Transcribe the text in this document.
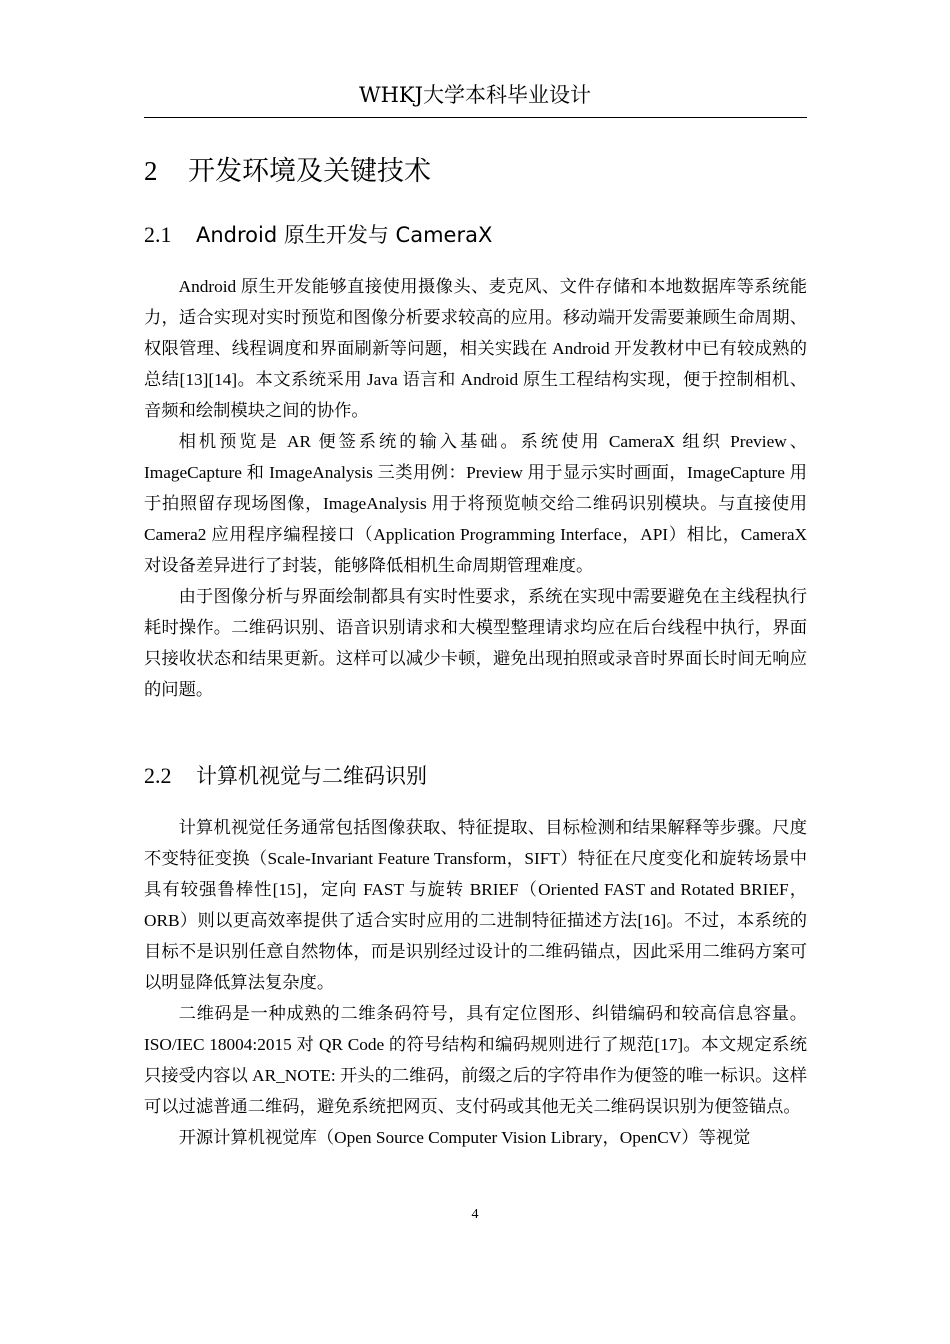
WHKJ大学本科毕业设计
2 开发环境及关键技术
2.1 Android 原生开发与 CameraX

Android 原生开发能够直接使用摄像头、麦克风、文件存储和本地数据库等系统能力，适合实现对实时预览和图像分析要求较高的应用。移动端开发需要兼顾生命周期、权限管理、线程调度和界面刷新等问题，相关实践在 Android 开发教材中已有较成熟的总结[13][14]。本文系统采用 Java 语言和 Android 原生工程结构实现，便于控制相机、音频和绘制模块之间的协作。

相机预览是 AR 便签系统的输入基础。系统使用 CameraX 组织 Preview、ImageCapture 和 ImageAnalysis 三类用例：Preview 用于显示实时画面，ImageCapture 用于拍照留存现场图像，ImageAnalysis 用于将预览帧交给二维码识别模块。与直接使用 Camera2 应用程序编程接口（Application Programming Interface，API）相比，CameraX 对设备差异进行了封装，能够降低相机生命周期管理难度。

由于图像分析与界面绘制都具有实时性要求，系统在实现中需要避免在主线程执行耗时操作。二维码识别、语音识别请求和大模型整理请求均应在后台线程中执行，界面只接收状态和结果更新。这样可以减少卡顿，避免出现拍照或录音时界面长时间无响应的问题。

2.2 计算机视觉与二维码识别

计算机视觉任务通常包括图像获取、特征提取、目标检测和结果解释等步骤。尺度不变特征变换（Scale-Invariant Feature Transform，SIFT）特征在尺度变化和旋转场景中具有较强鲁棒性[15]，定向 FAST 与旋转 BRIEF（Oriented FAST and Rotated BRIEF，ORB）则以更高效率提供了适合实时应用的二进制特征描述方法[16]。不过，本系统的目标不是识别任意自然物体，而是识别经过设计的二维码锚点，因此采用二维码方案可以明显降低算法复杂度。

二维码是一种成熟的二维条码符号，具有定位图形、纠错编码和较高信息容量。ISO/IEC 18004:2015 对 QR Code 的符号结构和编码规则进行了规范[17]。本文规定系统只接受内容以 AR_NOTE: 开头的二维码，前缀之后的字符串作为便签的唯一标识。这样可以过滤普通二维码，避免系统把网页、支付码或其他无关二维码误识别为便签锚点。

开源计算机视觉库（Open Source Computer Vision Library，OpenCV）等视觉

4
